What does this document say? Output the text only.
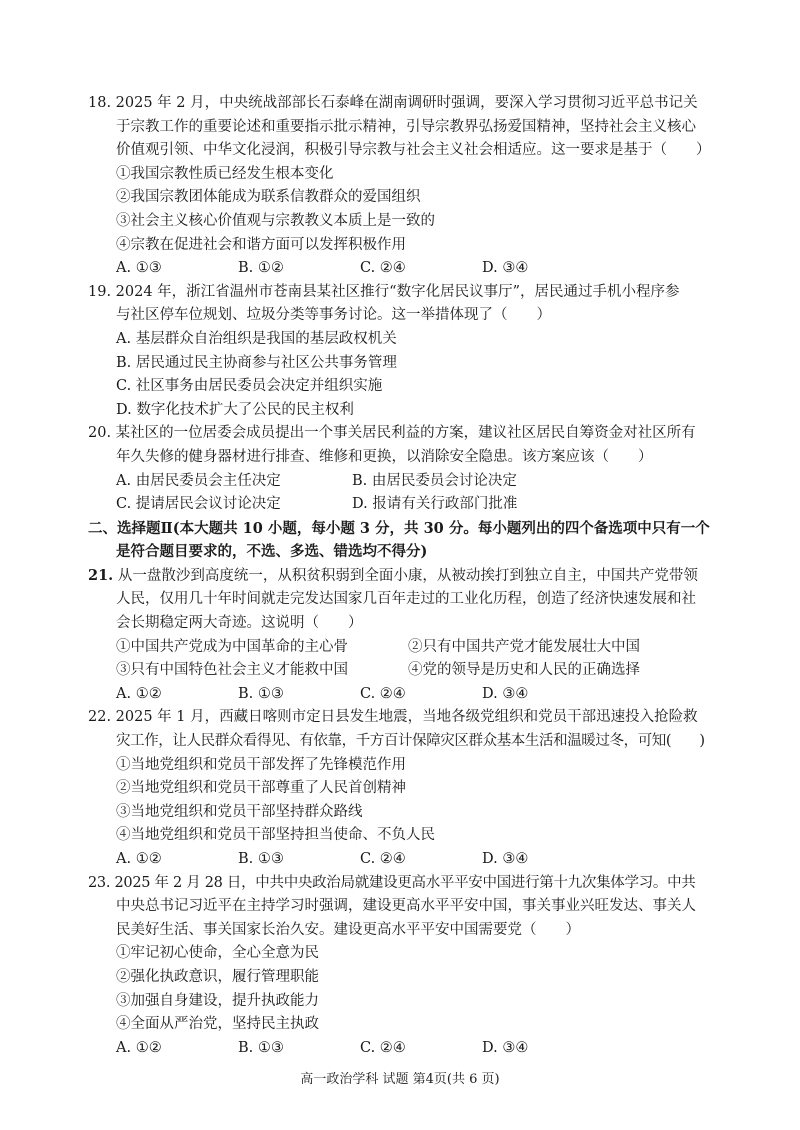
18. 2025 年 2 月，中央统战部部长石泰峰在湖南调研时强调，要深入学习贯彻习近平总书记关
于宗教工作的重要论述和重要指示批示精神，引导宗教界弘扬爱国精神，坚持社会主义核心
价值观引领、中华文化浸润，积极引导宗教与社会主义社会相适应。这一要求是基于（　　）
①我国宗教性质已经发生根本变化
②我国宗教团体能成为联系信教群众的爱国组织
③社会主义核心价值观与宗教教义本质上是一致的
④宗教在促进社会和谐方面可以发挥积极作用
A. ①③	B. ①②	C. ②④	D. ③④
19. 2024 年，浙江省温州市苍南县某社区推行“数字化居民议事厅”，居民通过手机小程序参
与社区停车位规划、垃圾分类等事务讨论。这一举措体现了（　　）
A. 基层群众自治组织是我国的基层政权机关
B. 居民通过民主协商参与社区公共事务管理
C. 社区事务由居民委员会决定并组织实施
D. 数字化技术扩大了公民的民主权利
20. 某社区的一位居委会成员提出一个事关居民利益的方案，建议社区居民自筹资金对社区所有
年久失修的健身器材进行排查、维修和更换，以消除安全隐患。该方案应该（　　）
A. 由居民委员会主任决定	B. 由居民委员会讨论决定
C. 提请居民会议讨论决定	D. 报请有关行政部门批准
二、选择题Ⅱ(本大题共 10 小题，每小题 3 分，共 30 分。每小题列出的四个备选项中只有一个
是符合题目要求的，不选、多选、错选均不得分)
21. 从一盘散沙到高度统一，从积贫积弱到全面小康，从被动挨打到独立自主，中国共产党带领
人民，仅用几十年时间就走完发达国家几百年走过的工业化历程，创造了经济快速发展和社
会长期稳定两大奇迹。这说明（　　）
①中国共产党成为中国革命的主心骨	②只有中国共产党才能发展壮大中国
③只有中国特色社会主义才能救中国	④党的领导是历史和人民的正确选择
A. ①②	B. ①③	C. ②④	D. ③④
22. 2025 年 1 月，西藏日喀则市定日县发生地震，当地各级党组织和党员干部迅速投入抢险救
灾工作，让人民群众看得见、有依靠，千方百计保障灾区群众基本生活和温暖过冬，可知(　　)
①当地党组织和党员干部发挥了先锋模范作用
②当地党组织和党员干部尊重了人民首创精神
③当地党组织和党员干部坚持群众路线
④当地党组织和党员干部坚持担当使命、不负人民
A. ①②	B. ①③	C. ②④	D. ③④
23. 2025 年 2 月 28 日，中共中央政治局就建设更高水平平安中国进行第十九次集体学习。中共
中央总书记习近平在主持学习时强调，建设更高水平平安中国，事关事业兴旺发达、事关人
民美好生活、事关国家长治久安。建设更高水平平安中国需要党（　　）
①牢记初心使命，全心全意为民
②强化执政意识，履行管理职能
③加强自身建设，提升执政能力
④全面从严治党，坚持民主执政
A. ①②	B. ①③	C. ②④	D. ③④
高一政治学科 试题 第4页(共 6 页)
